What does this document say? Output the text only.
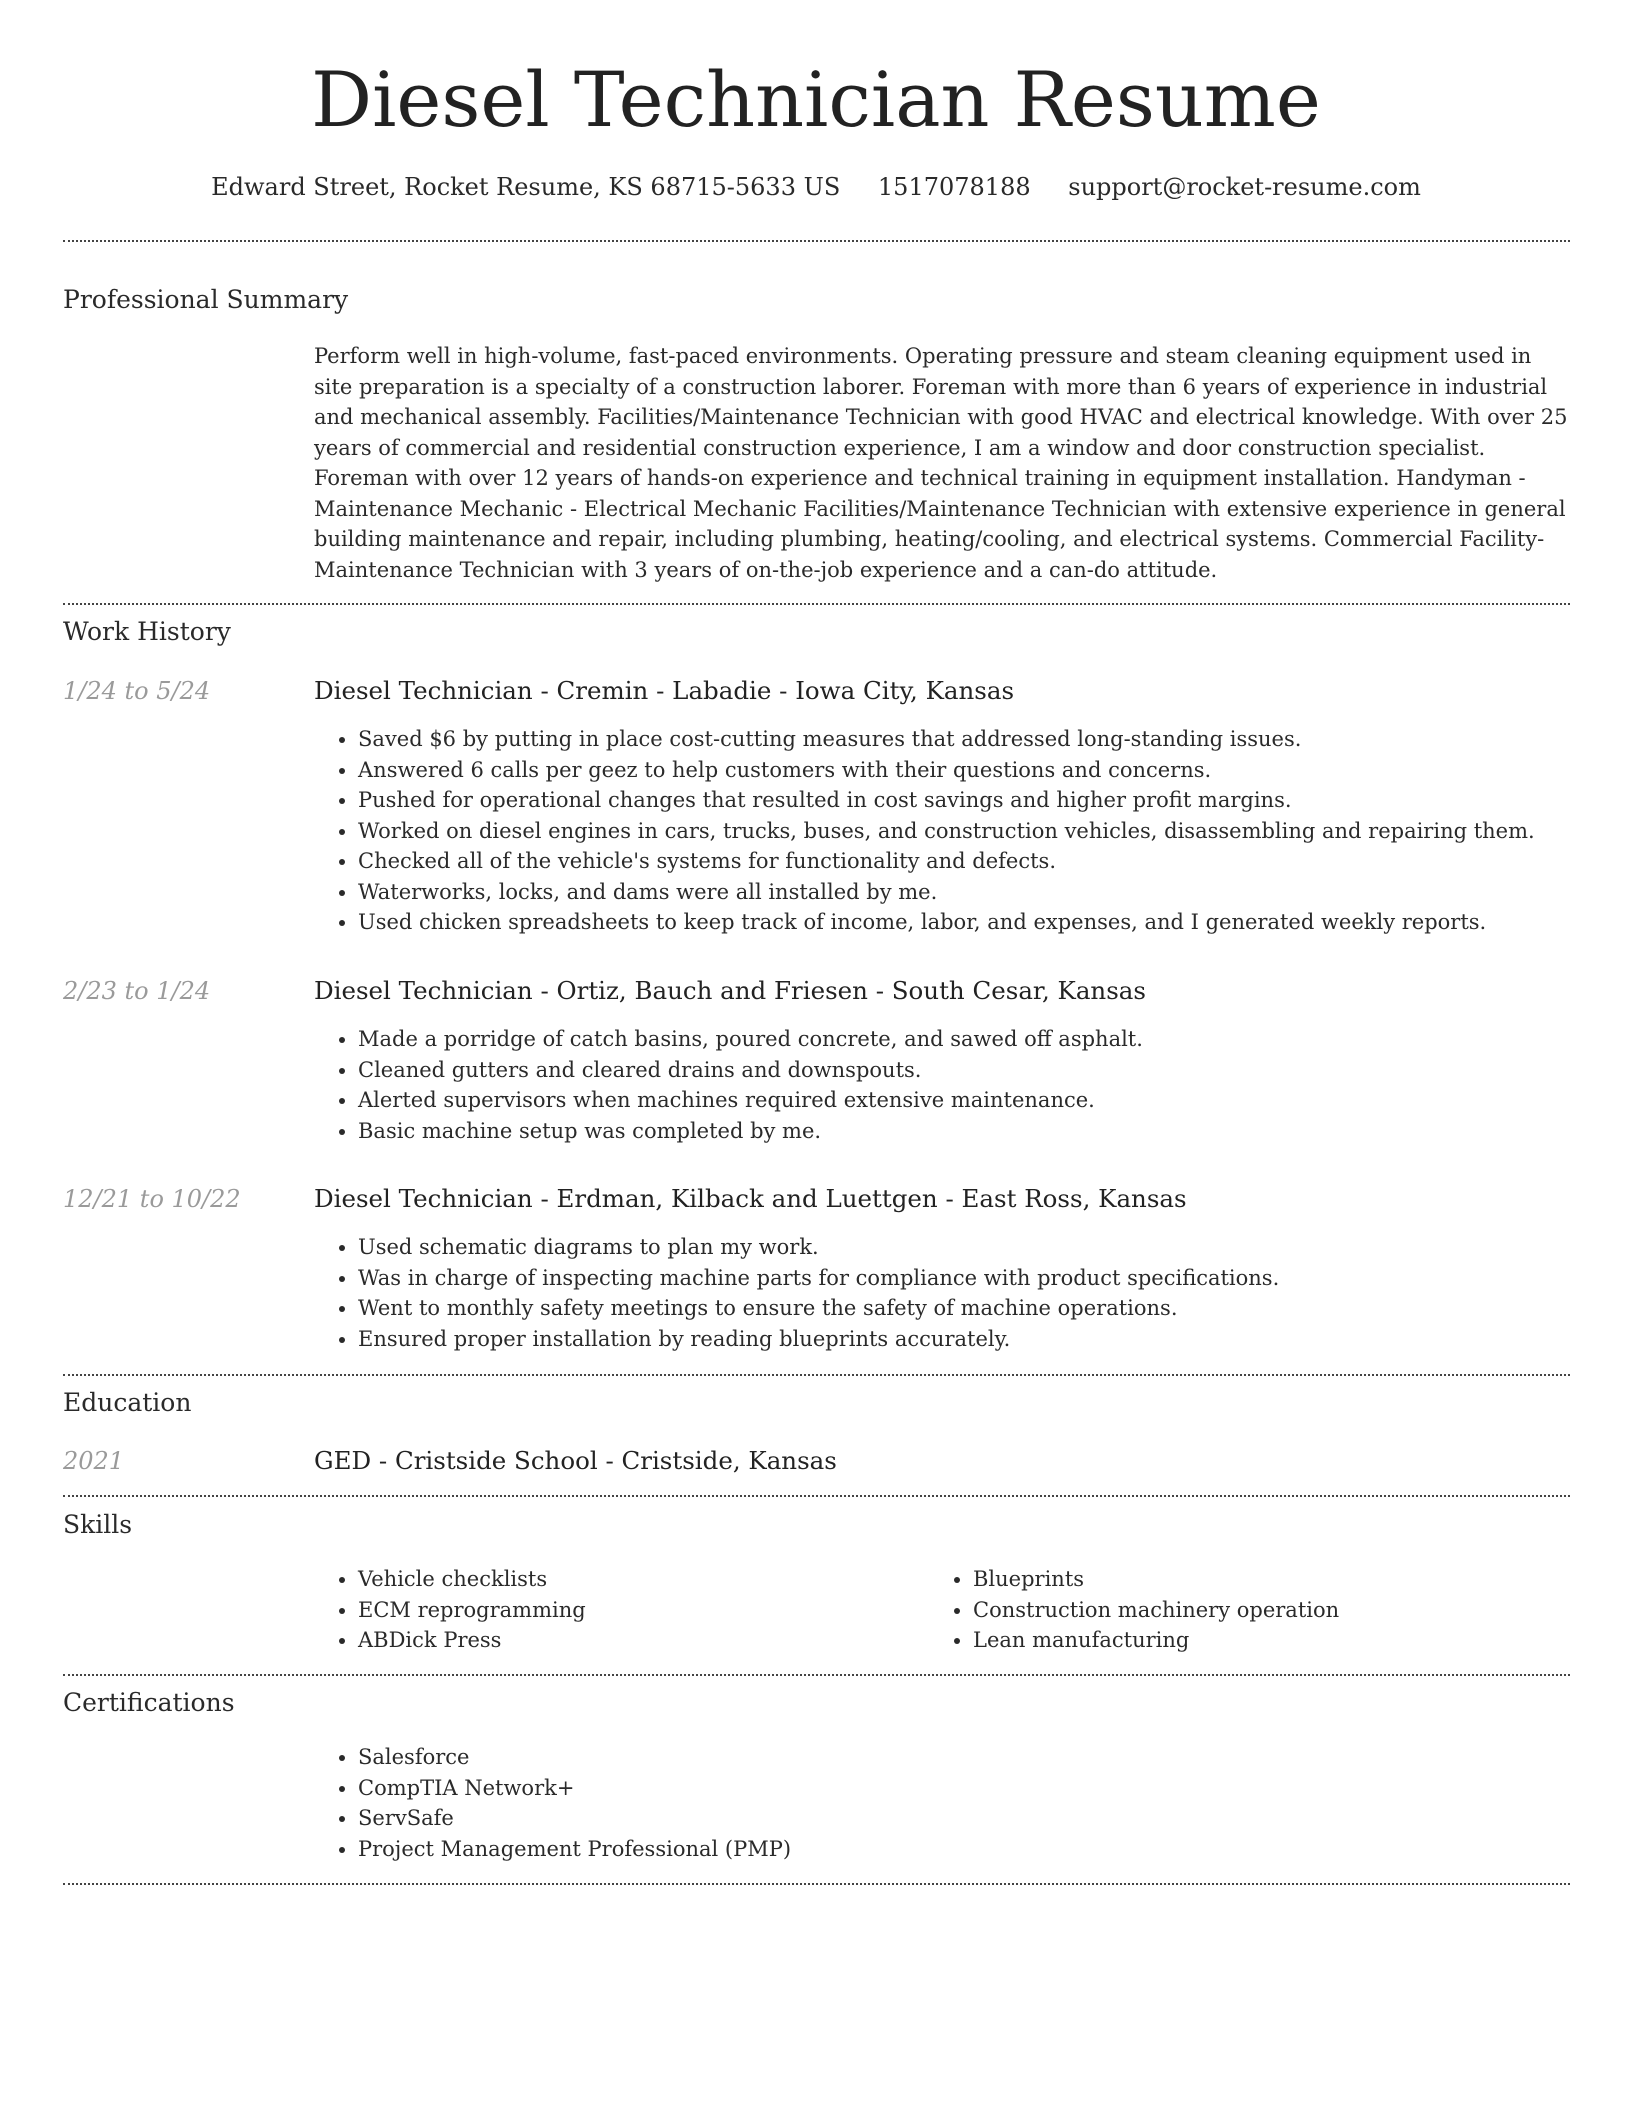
Diesel Technician Resume
Edward Street, Rocket Resume, KS 68715-5633 US 1517078188 support@rocket-resume.com
Professional Summary
Perform well in high-volume, fast-paced environments. Operating pressure and steam cleaning equipment used in site preparation is a specialty of a construction laborer. Foreman with more than 6 years of experience in industrial and mechanical assembly. Facilities/Maintenance Technician with good HVAC and electrical knowledge. With over 25 years of commercial and residential construction experience, I am a window and door construction specialist. Foreman with over 12 years of hands-on experience and technical training in equipment installation. Handyman - Maintenance Mechanic - Electrical Mechanic Facilities/Maintenance Technician with extensive experience in general building maintenance and repair, including plumbing, heating/cooling, and electrical systems. Commercial Facility-Maintenance Technician with 3 years of on-the-job experience and a can-do attitude.
Work History
1/24 to 5/24	Diesel Technician - Cremin - Labadie - Iowa City, Kansas
• Saved $6 by putting in place cost-cutting measures that addressed long-standing issues.
• Answered 6 calls per geez to help customers with their questions and concerns.
• Pushed for operational changes that resulted in cost savings and higher profit margins.
• Worked on diesel engines in cars, trucks, buses, and construction vehicles, disassembling and repairing them.
• Checked all of the vehicle's systems for functionality and defects.
• Waterworks, locks, and dams were all installed by me.
• Used chicken spreadsheets to keep track of income, labor, and expenses, and I generated weekly reports.
2/23 to 1/24	Diesel Technician - Ortiz, Bauch and Friesen - South Cesar, Kansas
• Made a porridge of catch basins, poured concrete, and sawed off asphalt.
• Cleaned gutters and cleared drains and downspouts.
• Alerted supervisors when machines required extensive maintenance.
• Basic machine setup was completed by me.
12/21 to 10/22	Diesel Technician - Erdman, Kilback and Luettgen - East Ross, Kansas
• Used schematic diagrams to plan my work.
• Was in charge of inspecting machine parts for compliance with product specifications.
• Went to monthly safety meetings to ensure the safety of machine operations.
• Ensured proper installation by reading blueprints accurately.
Education
2021	GED - Cristside School - Cristside, Kansas
Skills
• Vehicle checklists
• ECM reprogramming
• ABDick Press
• Blueprints
• Construction machinery operation
• Lean manufacturing
Certifications
• Salesforce
• CompTIA Network+
• ServSafe
• Project Management Professional (PMP)
